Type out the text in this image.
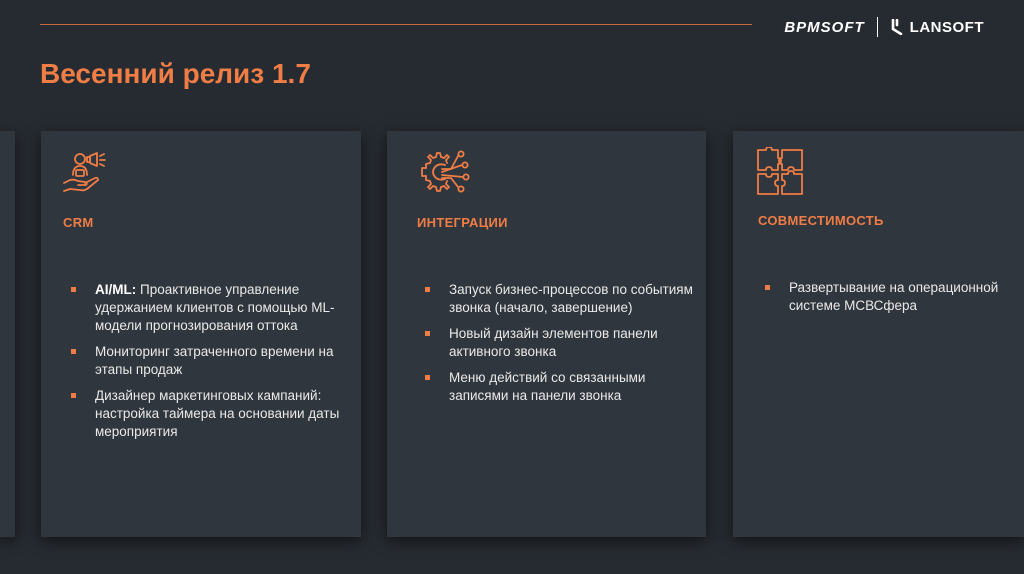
BPMSOFT	LANSOFT
Весенний релиз 1.7
CRM
AI/ML: Проактивное управление удержанием клиентов с помощью ML-модели прогнозирования оттока
Мониторинг затраченного времени на этапы продаж
Дизайнер маркетинговых кампаний: настройка таймера на основании даты мероприятия
ИНТЕГРАЦИИ
Запуск бизнес-процессов по событиям звонка (начало, завершение)
Новый дизайн элементов панели активного звонка
Меню действий со связанными записями на панели звонка
СОВМЕСТИМОСТЬ
Развертывание на операционной системе МСВСфера
